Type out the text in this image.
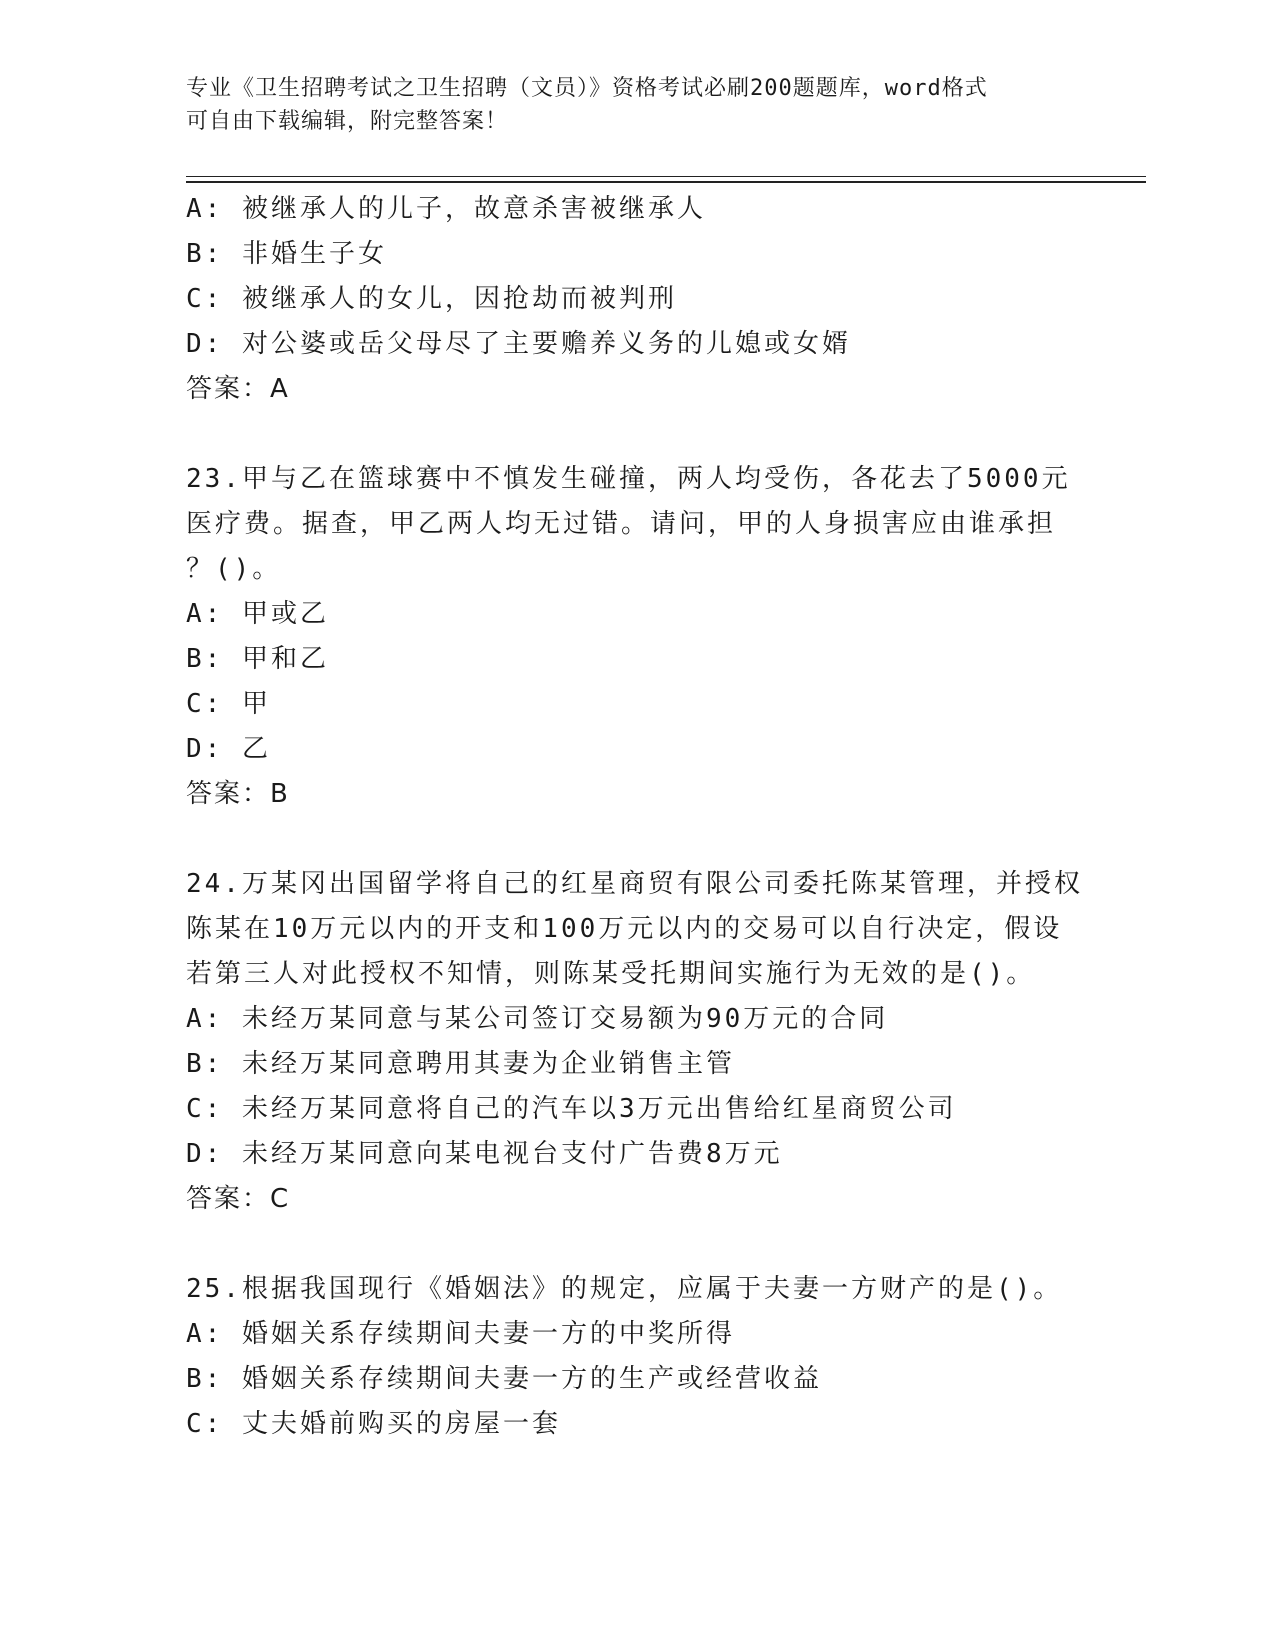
专业《卫生招聘考试之卫生招聘（文员）》资格考试必刷200题题库，word格式
可自由下载编辑，附完整答案！
A: 被继承人的儿子，故意杀害被继承人
B: 非婚生子女
C: 被继承人的女儿，因抢劫而被判刑
D: 对公婆或岳父母尽了主要赡养义务的儿媳或女婿
答案：A
23.甲与乙在篮球赛中不慎发生碰撞，两人均受伤，各花去了5000元
医疗费。据查，甲乙两人均无过错。请问，甲的人身损害应由谁承担
？()。
A: 甲或乙
B: 甲和乙
C: 甲
D: 乙
答案：B
24.万某冈出国留学将自己的红星商贸有限公司委托陈某管理，并授权
陈某在10万元以内的开支和100万元以内的交易可以自行决定，假设
若第三人对此授权不知情，则陈某受托期间实施行为无效的是()。
A: 未经万某同意与某公司签订交易额为90万元的合同
B: 未经万某同意聘用其妻为企业销售主管
C: 未经万某同意将自己的汽车以3万元出售给红星商贸公司
D: 未经万某同意向某电视台支付广告费8万元
答案：C
25.根据我国现行《婚姻法》的规定，应属于夫妻一方财产的是()。
A: 婚姻关系存续期间夫妻一方的中奖所得
B: 婚姻关系存续期间夫妻一方的生产或经营收益
C: 丈夫婚前购买的房屋一套
